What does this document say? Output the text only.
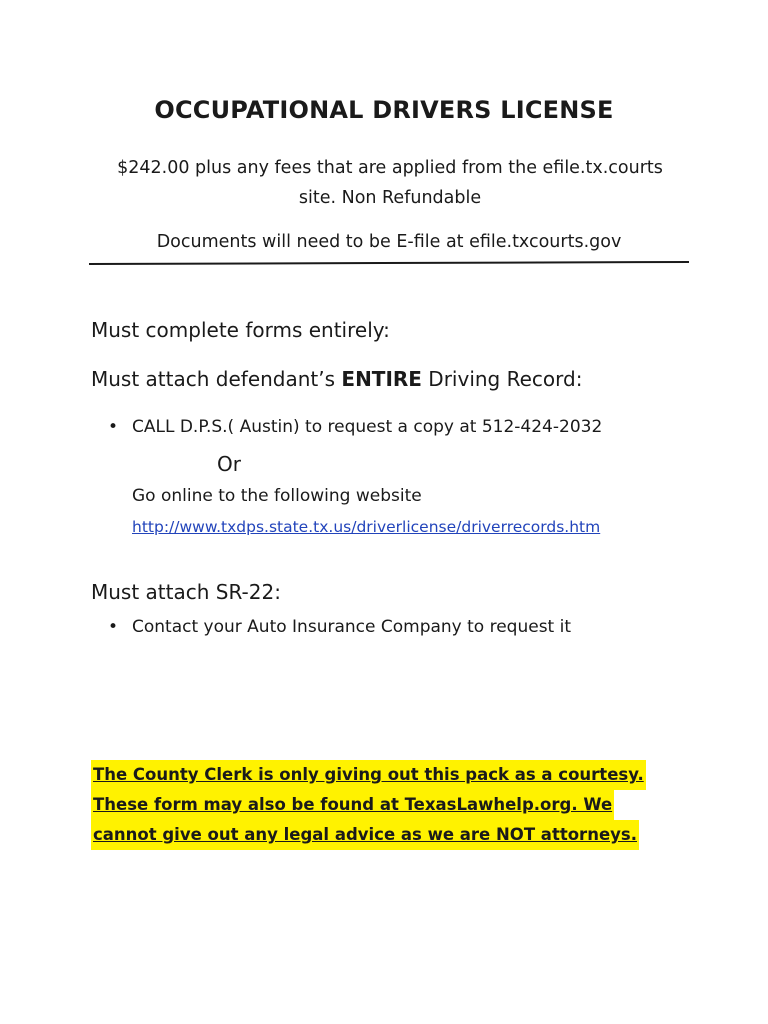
OCCUPATIONAL DRIVERS LICENSE
$242.00 plus any fees that are applied from the efile.tx.courts
site. Non Refundable
Documents will need to be E-file at efile.txcourts.gov
Must complete forms entirely:
Must attach defendant’s ENTIRE Driving Record:
• CALL D.P.S.( Austin) to request a copy at 512-424-2032
Or
Go online to the following website
http://www.txdps.state.tx.us/driverlicense/driverrecords.htm
Must attach SR-22:
• Contact your Auto Insurance Company to request it
The County Clerk is only giving out this pack as a courtesy.
These form may also be found at TexasLawhelp.org. We
cannot give out any legal advice as we are NOT attorneys.
